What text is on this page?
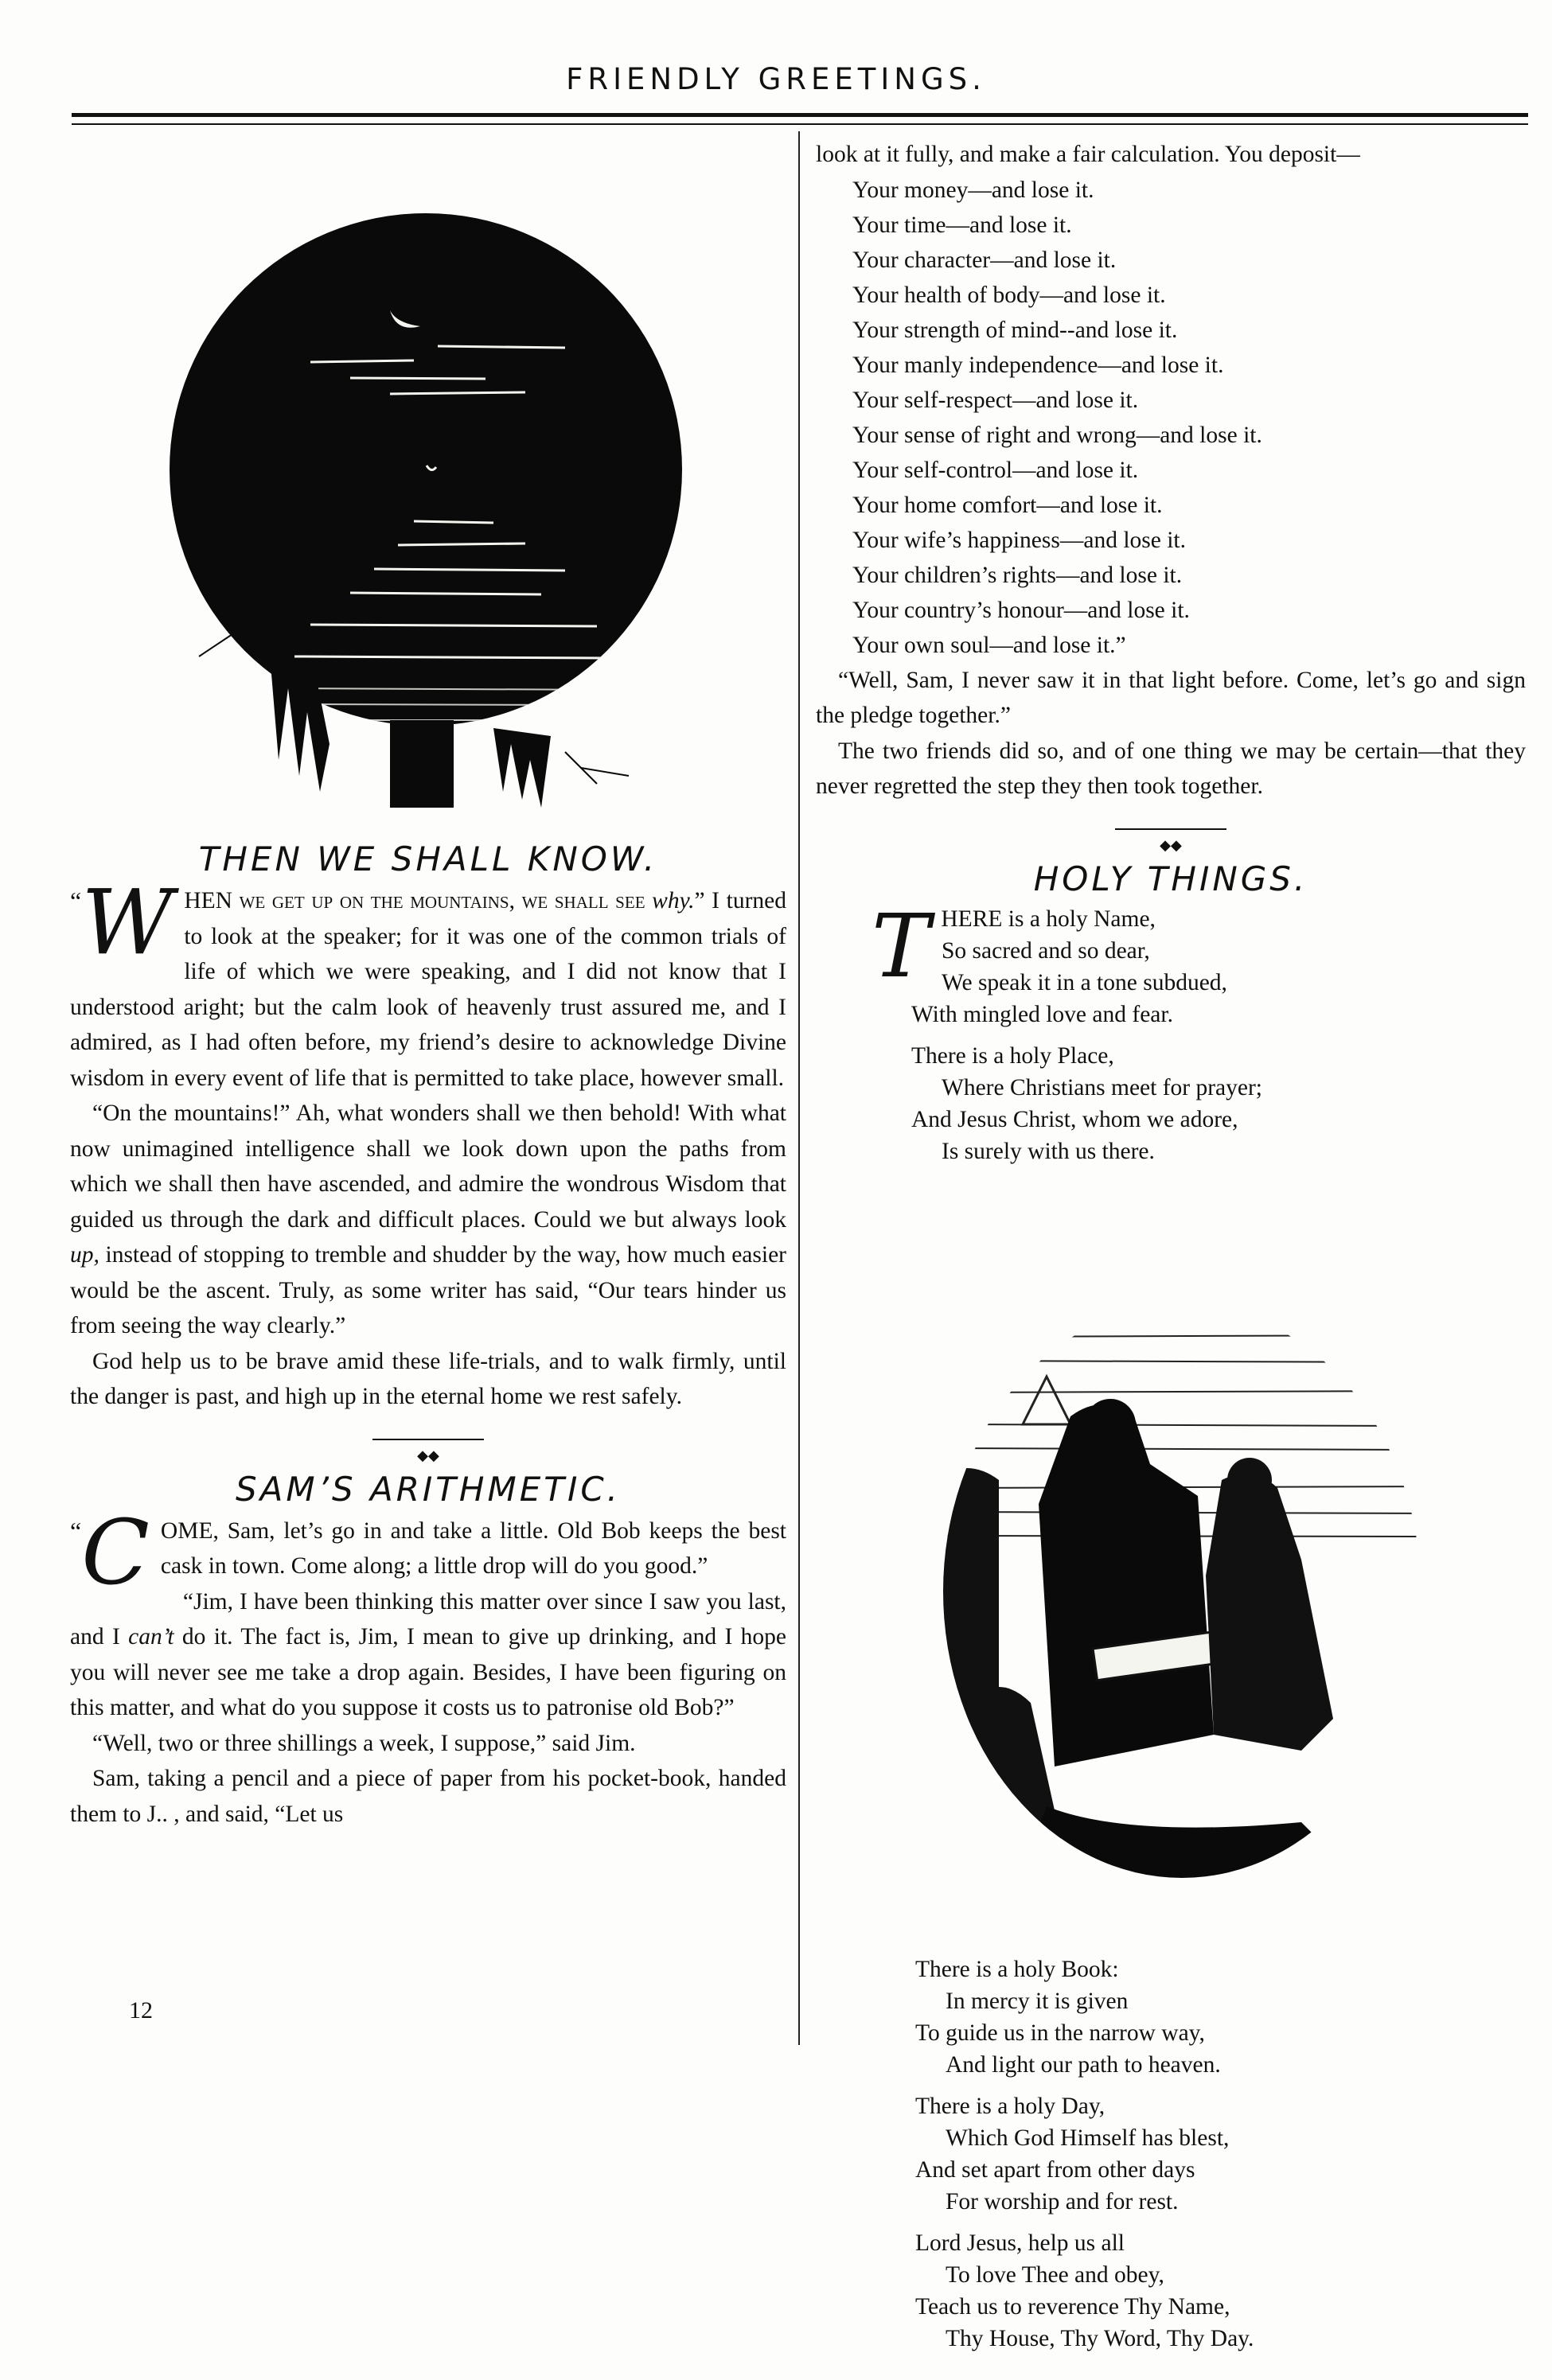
FRIENDLY GREETINGS.
THEN WE SHALL KNOW.

“ W HEN we get up on the mountains, we shall see why.” I turned to look at the speaker; for it was one of the common trials of life of which we were speaking, and I did not know that I understood aright; but the calm look of heavenly trust assured me, and I admired, as I had often before, my friend’s desire to acknowledge Divine wisdom in every event of life that is permitted to take place, however small.

“On the mountains!” Ah, what wonders shall we then behold! With what now unimagined intelligence shall we look down upon the paths from which we shall then have ascended, and admire the wondrous Wisdom that guided us through the dark and difficult places. Could we but always look up, instead of stopping to tremble and shudder by the way, how much easier would be the ascent. Truly, as some writer has said, “Our tears hinder us from seeing the way clearly.”

God help us to be brave amid these life-trials, and to walk firmly, until the danger is past, and high up in the eternal home we rest safely.

◆◆
SAM’S ARITHMETIC.

“ C OME, Sam, let’s go in and take a little. Old Bob keeps the best cask in town. Come along; a little drop will do you good.”

“Jim, I have been thinking this matter over since I saw you last, and I can’t do it. The fact is, Jim, I mean to give up drinking, and I hope you will never see me take a drop again. Besides, I have been figuring on this matter, and what do you suppose it costs us to patronise old Bob?”

“Well, two or three shillings a week, I suppose,” said Jim.

Sam, taking a pencil and a piece of paper from his pocket-book, handed them to J.. , and said, “Let us

12

look at it fully, and make a fair calculation. You deposit—

Your money—and lose it.
Your time—and lose it.
Your character—and lose it.
Your health of body—and lose it.
Your strength of mind--and lose it.
Your manly independence—and lose it.
Your self-respect—and lose it.
Your sense of right and wrong—and lose it.
Your self-control—and lose it.
Your home comfort—and lose it.
Your wife’s happiness—and lose it.
Your children’s rights—and lose it.
Your country’s honour—and lose it.
Your own soul—and lose it.”

“Well, Sam, I never saw it in that light before. Come, let’s go and sign the pledge together.”

The two friends did so, and of one thing we may be certain—that they never regretted the step they then took together.

◆◆
HOLY THINGS.
T HERE is a holy Name,
So sacred and so dear,
We speak it in a tone subdued,
With mingled love and fear.
There is a holy Place,
Where Christians meet for prayer;
And Jesus Christ, whom we adore,
Is surely with us there.
There is a holy Book:
In mercy it is given
To guide us in the narrow way,
And light our path to heaven.
There is a holy Day,
Which God Himself has blest,
And set apart from other days
For worship and for rest.
Lord Jesus, help us all
To love Thee and obey,
Teach us to reverence Thy Name,
Thy House, Thy Word, Thy Day.
